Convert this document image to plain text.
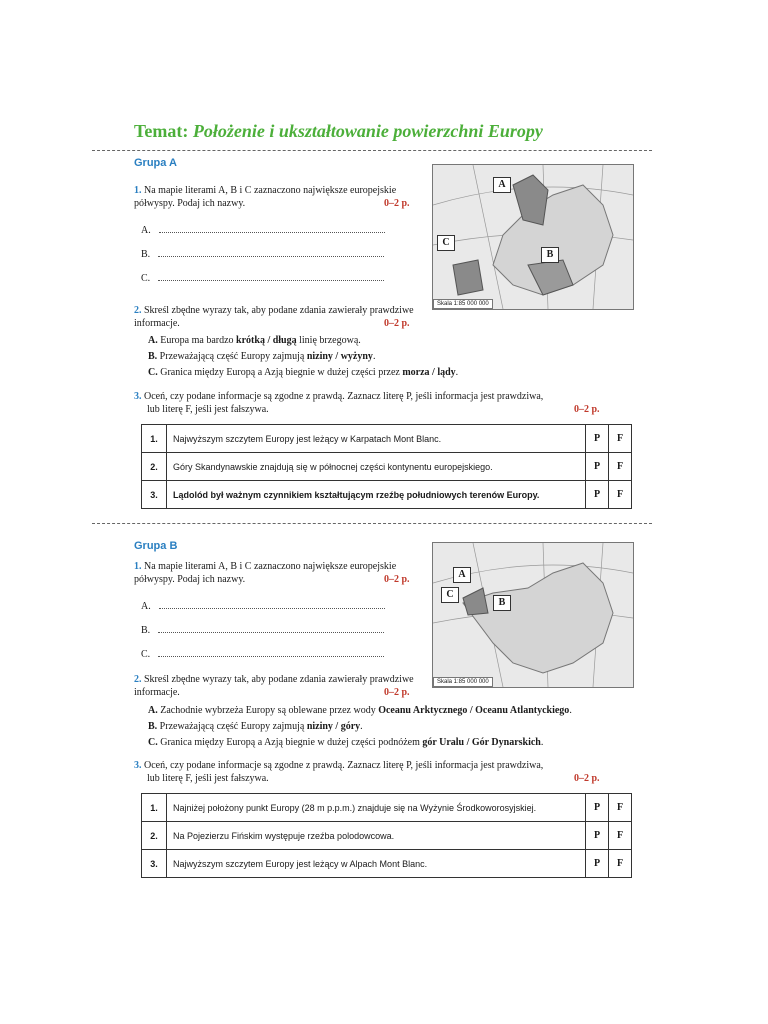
Temat: Położenie i ukształtowanie powierzchni Europy
Grupa A
1. Na mapie literami A, B i C zaznaczono największe europejskie półwyspy. Podaj ich nazwy.	0–2 p.
A.
B.
C.
A
B
C
Skala 1:85 000 000
2. Skreśl zbędne wyrazy tak, aby podane zdania zawierały prawdziwe informacje.	0–2 p.
A. Europa ma bardzo krótką / długą linię brzegową.
B. Przeważającą część Europy zajmują niziny / wyżyny.
C. Granica między Europą a Azją biegnie w dużej części przez morza / lądy.
3. Oceń, czy podane informacje są zgodne z prawdą. Zaznacz literę P, jeśli informacja jest prawdziwa,
lub literę F, jeśli jest fałszywa.	0–2 p.
1.	Najwyższym szczytem Europy jest leżący w Karpatach Mont Blanc.	P	F
2.	Góry Skandynawskie znajdują się w północnej części kontynentu europejskiego.	P	F
3.	Lądolód był ważnym czynnikiem kształtującym rzeźbę południowych terenów Europy.	P	F
Grupa B
1. Na mapie literami A, B i C zaznaczono największe europejskie półwyspy. Podaj ich nazwy.	0–2 p.
A.
B.
C.
A
B
C
Skala 1:85 000 000
2. Skreśl zbędne wyrazy tak, aby podane zdania zawierały prawdziwe informacje.	0–2 p.
A. Zachodnie wybrzeża Europy są oblewane przez wody Oceanu Arktycznego / Oceanu Atlantyckiego.
B. Przeważającą część Europy zajmują niziny / góry.
C. Granica między Europą a Azją biegnie w dużej części podnóżem gór Uralu / Gór Dynarskich.
3. Oceń, czy podane informacje są zgodne z prawdą. Zaznacz literę P, jeśli informacja jest prawdziwa,
lub literę F, jeśli jest fałszywa.	0–2 p.
1.	Najniżej położony punkt Europy (28 m p.p.m.) znajduje się na Wyżynie Środkoworosyjskiej.	P	F
2.	Na Pojezierzu Fińskim występuje rzeźba polodowcowa.	P	F
3.	Najwyższym szczytem Europy jest leżący w Alpach Mont Blanc.	P	F
